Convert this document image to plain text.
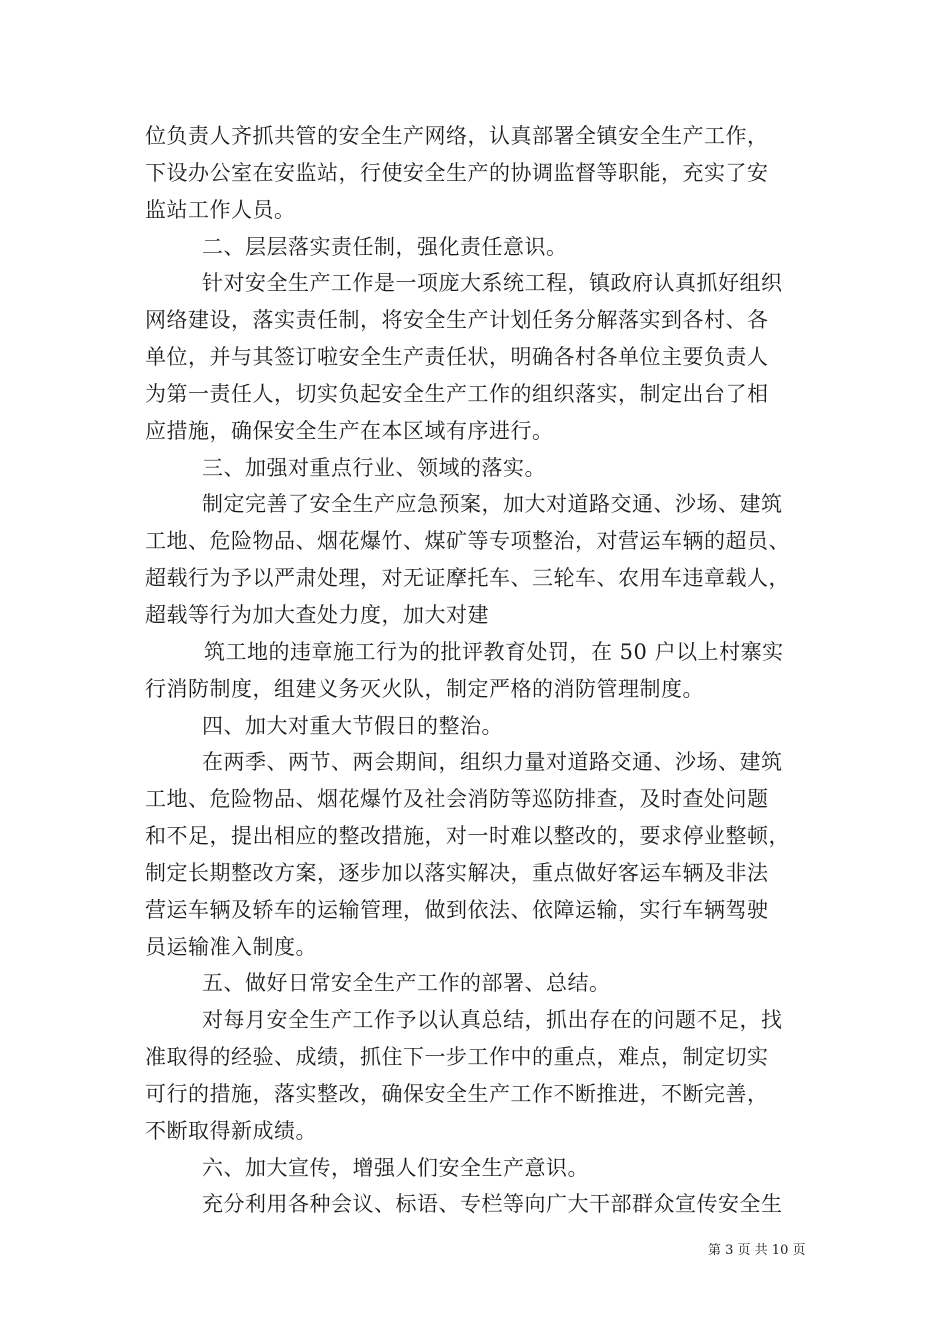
位负责人齐抓共管的安全生产网络，认真部署全镇安全生产工作，
下设办公室在安监站，行使安全生产的协调监督等职能，充实了安
监站工作人员。
二、层层落实责任制，强化责任意识。
针对安全生产工作是一项庞大系统工程，镇政府认真抓好组织
网络建设，落实责任制，将安全生产计划任务分解落实到各村、各
单位，并与其签订啦安全生产责任状，明确各村各单位主要负责人
为第一责任人，切实负起安全生产工作的组织落实，制定出台了相
应措施，确保安全生产在本区域有序进行。
三、加强对重点行业、领域的落实。
制定完善了安全生产应急预案，加大对道路交通、沙场、建筑
工地、危险物品、烟花爆竹、煤矿等专项整治，对营运车辆的超员、
超载行为予以严肃处理，对无证摩托车、三轮车、农用车违章载人，
超载等行为加大查处力度，加大对建
筑工地的违章施工行为的批评教育处罚，在 50 户以上村寨实
行消防制度，组建义务灭火队，制定严格的消防管理制度。
四、加大对重大节假日的整治。
在两季、两节、两会期间，组织力量对道路交通、沙场、建筑
工地、危险物品、烟花爆竹及社会消防等巡防排查，及时查处问题
和不足，提出相应的整改措施，对一时难以整改的，要求停业整顿，
制定长期整改方案，逐步加以落实解决，重点做好客运车辆及非法
营运车辆及轿车的运输管理，做到依法、依障运输，实行车辆驾驶
员运输准入制度。
五、做好日常安全生产工作的部署、总结。
对每月安全生产工作予以认真总结，抓出存在的问题不足，找
准取得的经验、成绩，抓住下一步工作中的重点，难点，制定切实
可行的措施，落实整改，确保安全生产工作不断推进，不断完善，
不断取得新成绩。
六、加大宣传，增强人们安全生产意识。
充分利用各种会议、标语、专栏等向广大干部群众宣传安全生
第 3 页 共 10 页
